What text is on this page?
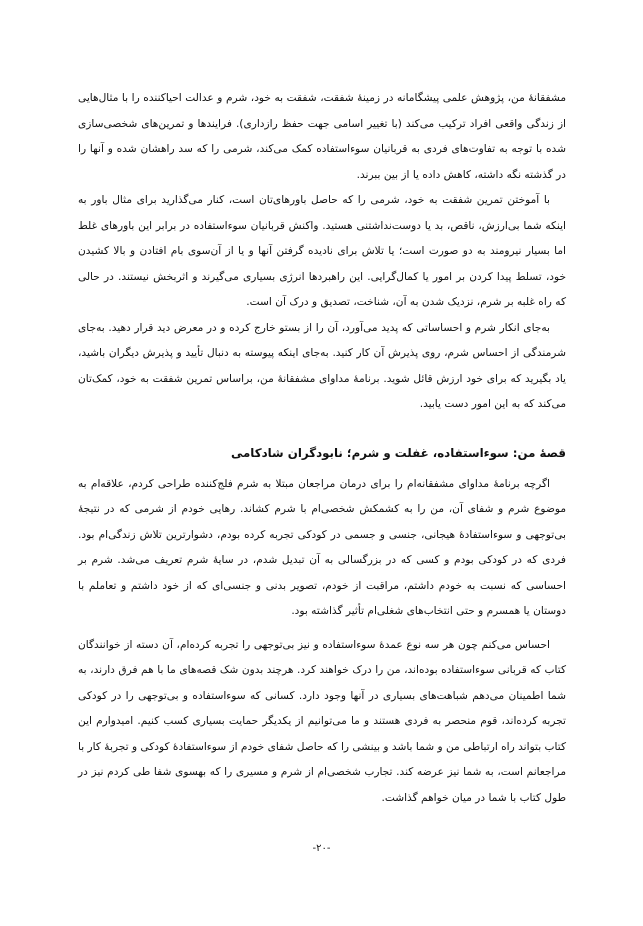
مشفقانهٔ من، پژوهش علمی پیشگامانه در زمینهٔ شفقت، شفقت به خود، شرم و عدالت احیاکننده را با مثال‌هایی از زندگی واقعی افراد ترکیب می‌کند (با تغییر اسامی جهت حفظ رازداری). فرایندها و تمرین‌های شخصی‌سازی شده با توجه به تفاوت‌های فردی به قربانیان سوءاستفاده کمک می‌کند، شرمی را که سد راهشان شده و آنها را در گذشته نگه داشته، کاهش داده یا از بین ببرند.

با آموختن تمرین شفقت به خود، شرمی را که حاصل باورهای‌تان است، کنار می‌گذارید برای مثال باور به اینکه شما بی‌ارزش، ناقص، بد یا دوست‌نداشتنی هستید. واکنش قربانیان سوءاستفاده در برابر این باورهای غلط اما بسیار نیرومند به دو صورت است؛ یا تلاش برای نادیده گرفتن آنها و یا از آن‌سوی بام افتادن و بالا کشیدن خود، تسلط پیدا کردن بر امور یا کمال‌گرایی. این راهبردها انرژی بسیاری می‌گیرند و اثربخش نیستند. در حالی که راه غلبه بر شرم، نزدیک شدن به آن، شناخت، تصدیق و درک آن است.

به‌جای انکار شرم و احساساتی که پدید می‌آورد، آن را از بستو خارج کرده و در معرض دید قرار دهید. به‌جای شرمندگی از احساس شرم، روی پذیرش آن کار کنید. به‌جای اینکه پیوسته به دنبال تأیید و پذیرش دیگران باشید، یاد بگیرید که برای خود ارزش قائل شوید. برنامهٔ مداوای مشفقانهٔ من، براساس تمرین شفقت به خود، کمک‌تان می‌کند که به این امور دست یابید.

قصهٔ من: سوءاستفاده، غفلت و شرم؛ نابودگران شادکامی

اگرچه برنامهٔ مداوای مشفقانه‌ام را برای درمان مراجعان مبتلا به شرم فلج‌کننده طراحی کردم، علاقه‌ام به موضوع شرم و شفای آن، من را به کشمکش شخصی‌ام با شرم کشاند. رهایی خودم از شرمی که در نتیجهٔ بی‌توجهی و سوءاستفادهٔ هیجانی، جنسی و جسمی در کودکی تجربه کرده بودم، دشوارترین تلاش زندگی‌ام بود. فردی که در کودکی بودم و کسی که در بزرگسالی به آن تبدیل شدم، در سایهٔ شرم تعریف می‌شد. شرم بر احساسی که نسبت به خودم داشتم، مراقبت از خودم، تصویر بدنی و جنسی‌ای که از خود داشتم و تعاملم با دوستان یا همسرم و حتی انتخاب‌های شغلی‌ام تأثیر گذاشته بود.

احساس می‌کنم چون هر سه نوع عمدهٔ سوءاستفاده و نیز بی‌توجهی را تجربه کرده‌ام، آن دسته از خوانندگان کتاب که قربانی سوءاستفاده بوده‌اند، من را درک خواهند کرد. هرچند بدون شک قصه‌های ما با هم فرق دارند، به شما اطمینان می‌دهم شباهت‌های بسیاری در آنها وجود دارد. کسانی که سوءاستفاده و بی‌توجهی را در کودکی تجربه کرده‌اند، قوم منحصر به فردی هستند و ما می‌توانیم از یکدیگر حمایت بسیاری کسب کنیم. امیدوارم این کتاب بتواند راه ارتباطی من و شما باشد و بینشی را که حاصل شفای خودم از سوءاستفادهٔ کودکی و تجربهٔ کار با مراجعانم است، به شما نیز عرضه کند. تجارب شخصی‌ام از شرم و مسیری را که بهسوی شفا طی کردم نیز در طول کتاب با شما در میان خواهم گذاشت.

-۲۰-
